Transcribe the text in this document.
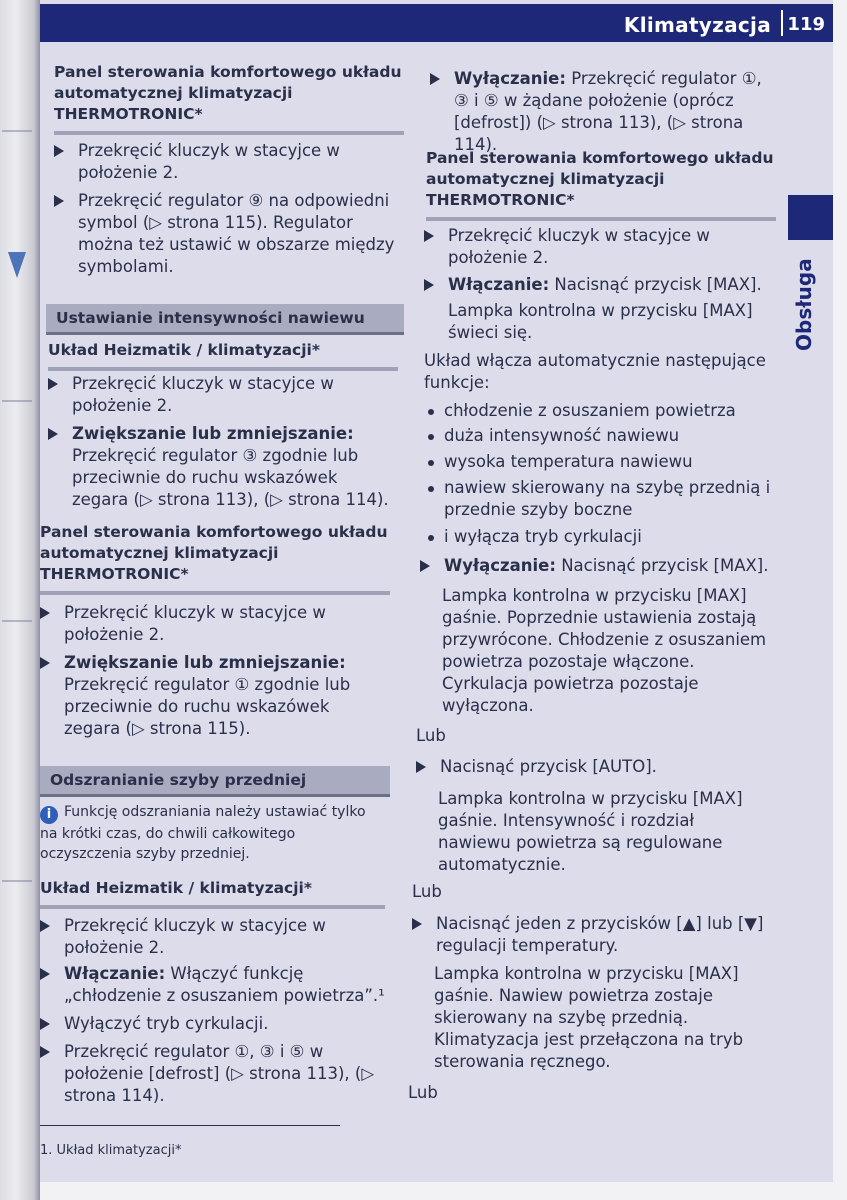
Klimatyzacja 119
Obsługa
Panel sterowania komfortowego układu automatycznej klimatyzacji THERMOTRONIC*
Przekręcić kluczyk w stacyjce w położenie 2.
Przekręcić regulator ⑨ na odpowiedni symbol (▷ strona 115). Regulator można też ustawić w obszarze między symbolami.
Ustawianie intensywności nawiewu
Układ Heizmatik / klimatyzacji*
Przekręcić kluczyk w stacyjce w położenie 2.
Zwiększanie lub zmniejszanie:
Przekręcić regulator ③ zgodnie lub przeciwnie do ruchu wskazówek zegara (▷ strona 113), (▷ strona 114).
Panel sterowania komfortowego układu automatycznej klimatyzacji THERMOTRONIC*
Przekręcić kluczyk w stacyjce w położenie 2.
Zwiększanie lub zmniejszanie:
Przekręcić regulator ① zgodnie lub przeciwnie do ruchu wskazówek zegara (▷ strona 115).
Odszranianie szyby przedniej
i Funkcję odszraniania należy ustawiać tylko na krótki czas, do chwili całkowitego oczyszczenia szyby przedniej.
Układ Heizmatik / klimatyzacji*
Przekręcić kluczyk w stacyjce w położenie 2.
Włączanie: Włączyć funkcję „chłodzenie z osuszaniem powietrza”.¹
Wyłączyć tryb cyrkulacji.
Przekręcić regulator ①, ③ i ⑤ w położenie [defrost] (▷ strona 113), (▷ strona 114).
1. Układ klimatyzacji*
Wyłączanie: Przekręcić regulator ①, ③ i ⑤ w żądane położenie (oprócz [defrost]) (▷ strona 113), (▷ strona 114).
Panel sterowania komfortowego układu automatycznej klimatyzacji THERMOTRONIC*
Przekręcić kluczyk w stacyjce w położenie 2.
Włączanie: Nacisnąć przycisk [MAX].
Lampka kontrolna w przycisku [MAX] świeci się.
Układ włącza automatycznie następujące funkcje:
chłodzenie z osuszaniem powietrza
duża intensywność nawiewu
wysoka temperatura nawiewu
nawiew skierowany na szybę przednią i przednie szyby boczne
i wyłącza tryb cyrkulacji
Wyłączanie: Nacisnąć przycisk [MAX].
Lampka kontrolna w przycisku [MAX] gaśnie. Poprzednie ustawienia zostają przywrócone. Chłodzenie z osuszaniem powietrza pozostaje włączone. Cyrkulacja powietrza pozostaje wyłączona.
Lub
Nacisnąć przycisk [AUTO].
Lampka kontrolna w przycisku [MAX] gaśnie. Intensywność i rozdział nawiewu powietrza są regulowane automatycznie.
Lub
Nacisnąć jeden z przycisków [▲] lub [▼] regulacji temperatury.
Lampka kontrolna w przycisku [MAX] gaśnie. Nawiew powietrza zostaje skierowany na szybę przednią. Klimatyzacja jest przełączona na tryb sterowania ręcznego.
Lub
